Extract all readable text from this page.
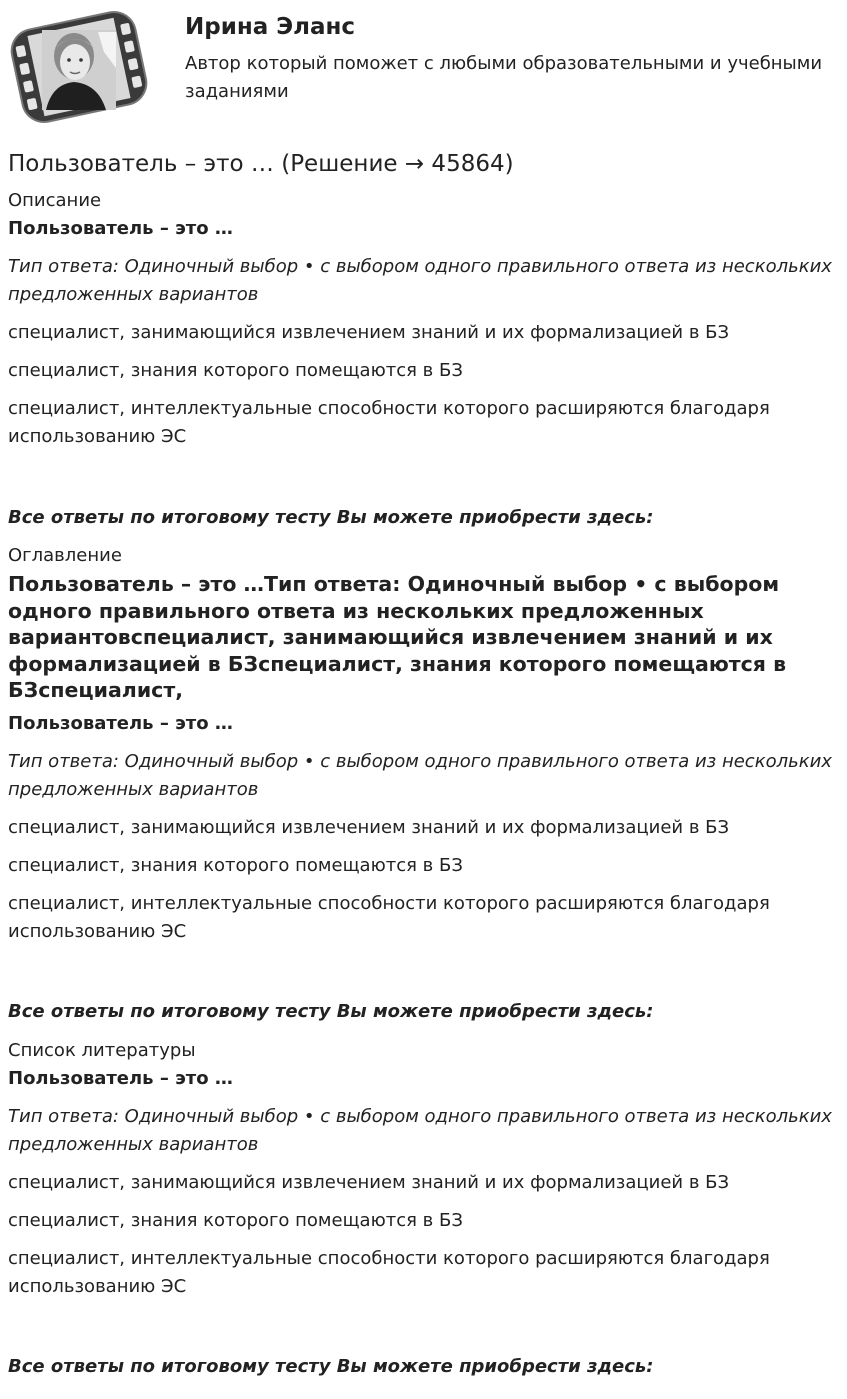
Ирина Эланс

Автор который поможет с любыми образовательными и учебными заданиями

Пользователь – это … (Решение → 45864)

Описание

Пользователь – это …

Тип ответа: Одиночный выбор • с выбором одного правильного ответа из нескольких предложенных вариантов

специалист, занимающийся извлечением знаний и их формализацией в БЗ

специалист, знания которого помещаются в БЗ

специалист, интеллектуальные способности которого расширяются благодаря использованию ЭС

Все ответы по итоговому тесту Вы можете приобрести здесь:

Оглавление

Пользователь – это …Тип ответа: Одиночный выбор • с выбором одного правильного ответа из нескольких предложенных вариантовспециалист, занимающийся извлечением знаний и их формализацией в БЗспециалист, знания которого помещаются в БЗспециалист,

Пользователь – это …

Тип ответа: Одиночный выбор • с выбором одного правильного ответа из нескольких предложенных вариантов

специалист, занимающийся извлечением знаний и их формализацией в БЗ

специалист, знания которого помещаются в БЗ

специалист, интеллектуальные способности которого расширяются благодаря использованию ЭС

Все ответы по итоговому тесту Вы можете приобрести здесь:

Список литературы

Пользователь – это …

Тип ответа: Одиночный выбор • с выбором одного правильного ответа из нескольких предложенных вариантов

специалист, занимающийся извлечением знаний и их формализацией в БЗ

специалист, знания которого помещаются в БЗ

специалист, интеллектуальные способности которого расширяются благодаря использованию ЭС

Все ответы по итоговому тесту Вы можете приобрести здесь:
